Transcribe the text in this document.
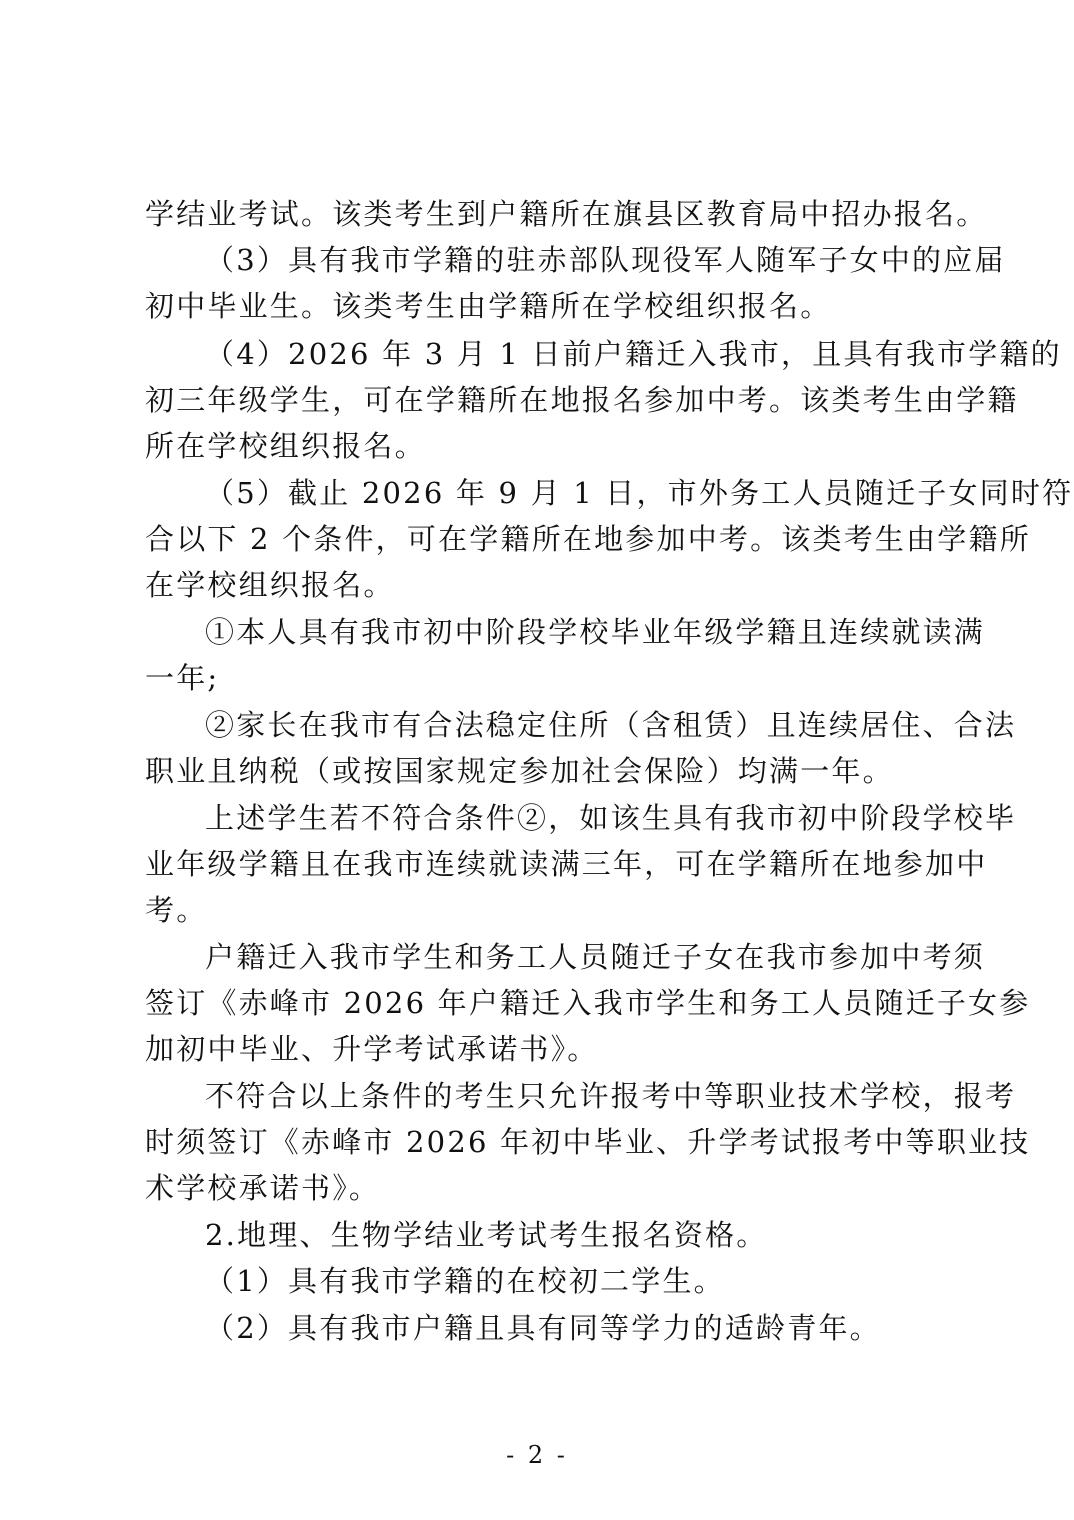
学结业考试。该类考生到户籍所在旗县区教育局中招办报名。
（3）具有我市学籍的驻赤部队现役军人随军子女中的应届
初中毕业生。该类考生由学籍所在学校组织报名。
（4）2026 年 3 月 1 日前户籍迁入我市，且具有我市学籍的
初三年级学生，可在学籍所在地报名参加中考。该类考生由学籍
所在学校组织报名。
（5）截止 2026 年 9 月 1 日，市外务工人员随迁子女同时符
合以下 2 个条件，可在学籍所在地参加中考。该类考生由学籍所
在学校组织报名。
①本人具有我市初中阶段学校毕业年级学籍且连续就读满
一年;
②家长在我市有合法稳定住所（含租赁）且连续居住、合法
职业且纳税（或按国家规定参加社会保险）均满一年。
上述学生若不符合条件②，如该生具有我市初中阶段学校毕
业年级学籍且在我市连续就读满三年，可在学籍所在地参加中
考。
户籍迁入我市学生和务工人员随迁子女在我市参加中考须
签订《赤峰市 2026 年户籍迁入我市学生和务工人员随迁子女参
加初中毕业、升学考试承诺书》。
不符合以上条件的考生只允许报考中等职业技术学校，报考
时须签订《赤峰市 2026 年初中毕业、升学考试报考中等职业技
术学校承诺书》。
2.地理、生物学结业考试考生报名资格。
（1）具有我市学籍的在校初二学生。
（2）具有我市户籍且具有同等学力的适龄青年。
- 2 -
